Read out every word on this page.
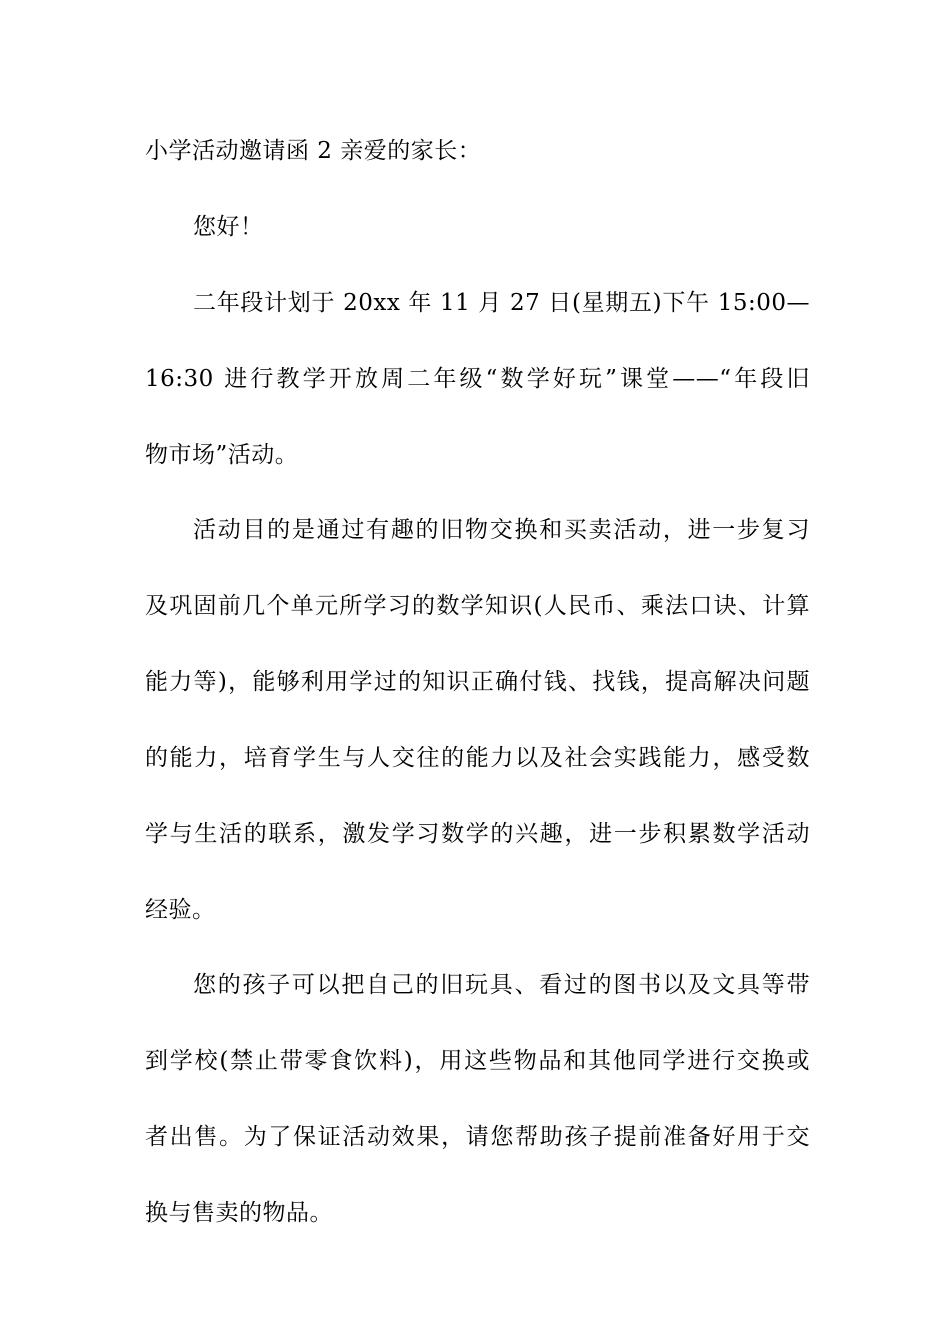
小学活动邀请函 2 亲爱的家长：
您好！
二年段计划于 20xx 年 11 月 27 日(星期五)下午 15:00—
16:30 进行教学开放周二年级“数学好玩”课堂——“年段旧
物市场”活动。
活动目的是通过有趣的旧物交换和买卖活动，进一步复习
及巩固前几个单元所学习的数学知识(人民币、乘法口诀、计算
能力等)，能够利用学过的知识正确付钱、找钱，提高解决问题
的能力，培育学生与人交往的能力以及社会实践能力，感受数
学与生活的联系，激发学习数学的兴趣，进一步积累数学活动
经验。
您的孩子可以把自己的旧玩具、看过的图书以及文具等带
到学校(禁止带零食饮料)，用这些物品和其他同学进行交换或
者出售。为了保证活动效果，请您帮助孩子提前准备好用于交
换与售卖的物品。
